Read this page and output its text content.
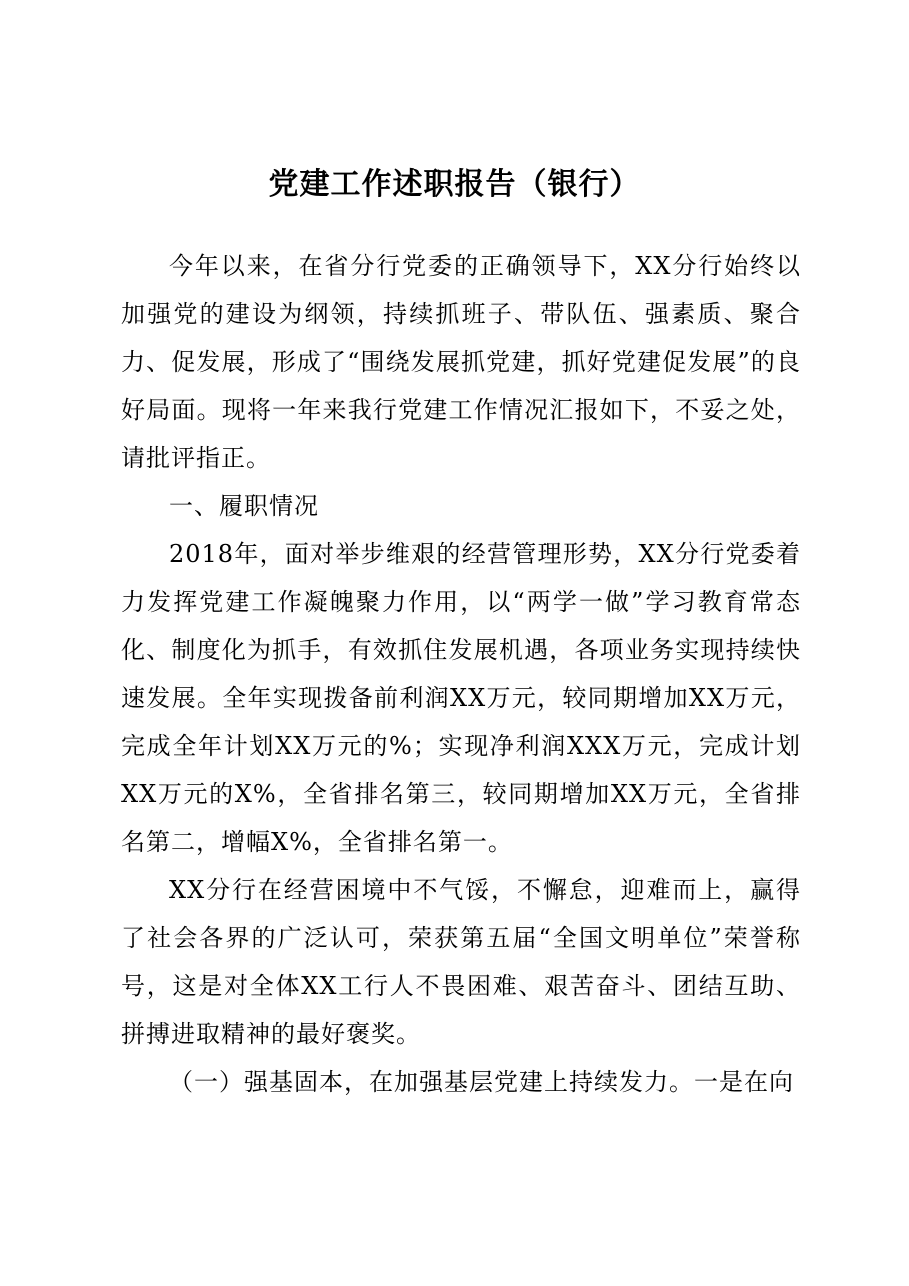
党建工作述职报告（银行）

今年以来，在省分行党委的正确领导下，XX分行始终以加强党的建设为纲领，持续抓班子、带队伍、强素质、聚合力、促发展，形成了“围绕发展抓党建，抓好党建促发展”的良好局面。现将一年来我行党建工作情况汇报如下，不妥之处，请批评指正。

一、履职情况

2018年，面对举步维艰的经营管理形势，XX分行党委着力发挥党建工作凝魄聚力作用，以“两学一做”学习教育常态化、制度化为抓手，有效抓住发展机遇，各项业务实现持续快速发展。全年实现拨备前利润XX万元，较同期增加XX万元，完成全年计划XX万元的%；实现净利润XXX万元，完成计划XX万元的X%，全省排名第三，较同期增加XX万元，全省排名第二，增幅X%，全省排名第一。

XX分行在经营困境中不气馁，不懈怠，迎难而上，赢得了社会各界的广泛认可，荣获第五届“全国文明单位”荣誉称号，这是对全体XX工行人不畏困难、艰苦奋斗、团结互助、拼搏进取精神的最好褒奖。

（一）强基固本，在加强基层党建上持续发力。一是在向
